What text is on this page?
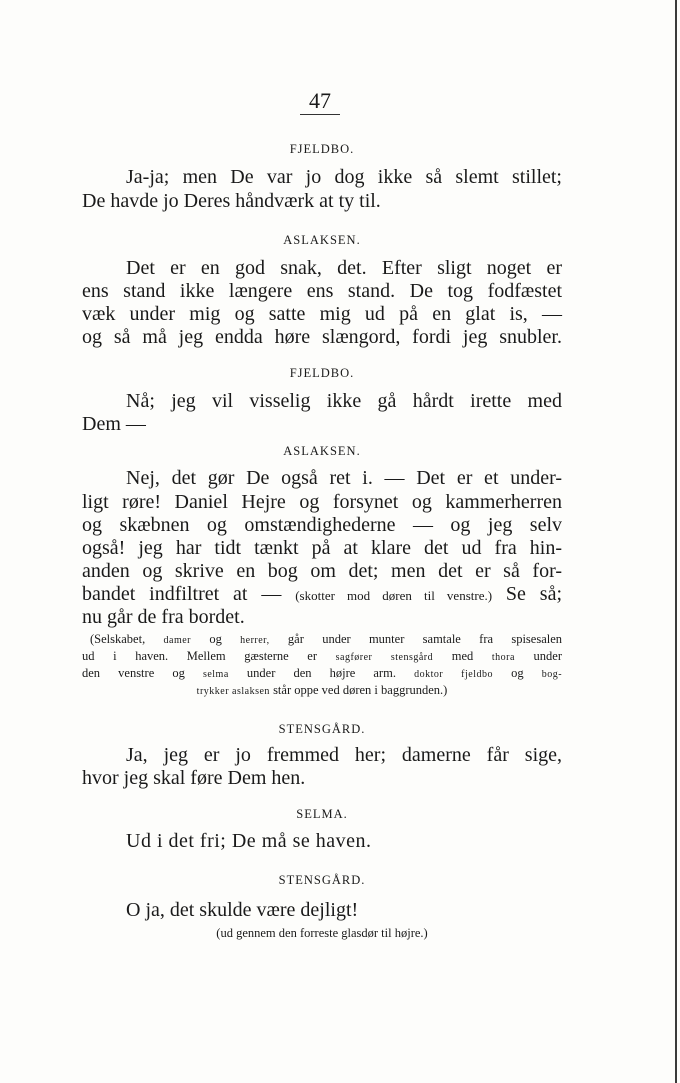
47
FJELDBO.
Ja-ja; men De var jo dog ikke så slemt stillet;
De havde jo Deres håndværk at ty til.
ASLAKSEN.
Det er en god snak, det. Efter sligt noget er
ens stand ikke længere ens stand. De tog fodfæstet
væk under mig og satte mig ud på en glat is, —
og så må jeg endda høre slængord, fordi jeg snubler.
FJELDBO.
Nå; jeg vil visselig ikke gå hårdt irette med
Dem —
ASLAKSEN.
Nej, det gør De også ret i. — Det er et under-
ligt røre! Daniel Hejre og forsynet og kammerherren
og skæbnen og omstændighederne — og jeg selv
også! jeg har tidt tænkt på at klare det ud fra hin-
anden og skrive en bog om det; men det er så for-
bandet indfiltret at — (skotter mod døren til venstre.) Se så;
nu går de fra bordet.
(Selskabet, damer og herrer, går under munter samtale fra spisesalen
ud i haven. Mellem gæsterne er sagfører stensgård med thora under
den venstre og selma under den højre arm. doktor fjeldbo og bog-
trykker aslaksen står oppe ved døren i baggrunden.)
STENSGÅRD.
Ja, jeg er jo fremmed her; damerne får sige,
hvor jeg skal føre Dem hen.
SELMA.
Ud i det fri; De må se haven.
STENSGÅRD.
O ja, det skulde være dejligt!
(ud gennem den forreste glasdør til højre.)
